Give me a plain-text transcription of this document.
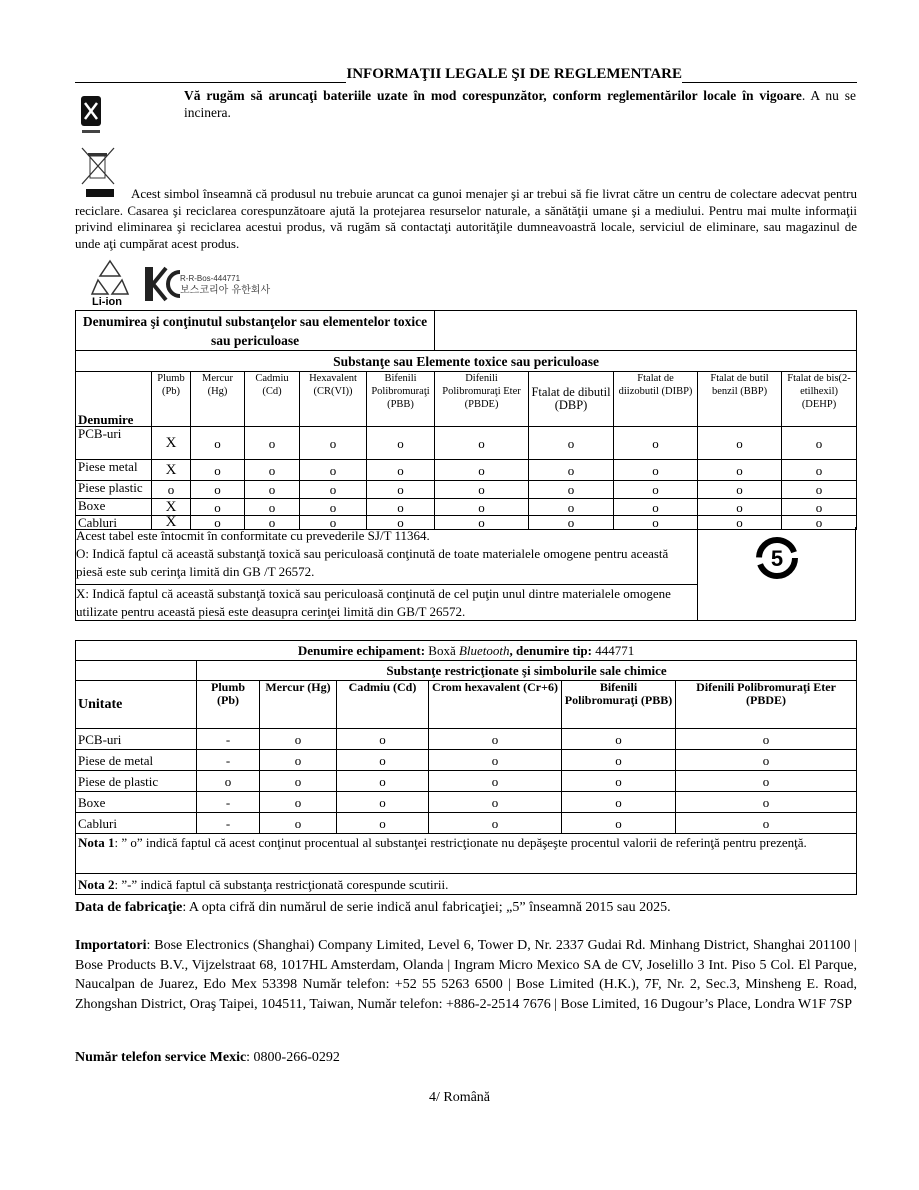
INFORMAŢII LEGALE ŞI DE REGLEMENTARE
Vă rugăm să aruncaţi bateriile uzate în mod corespunzător, conform reglementărilor locale în vigoare. A nu se incinera.
Acest simbol înseamnă că produsul nu trebuie aruncat ca gunoi menajer şi ar trebui să fie livrat către un centru de colectare adecvat pentru reciclare. Casarea şi reciclarea corespunzătoare ajută la protejarea resurselor naturale, a sănătăţii umane şi a mediului. Pentru mai multe informaţii privind eliminarea şi reciclarea acestui produs, vă rugăm să contactaţi autorităţile dumneavoastră locale, serviciul de eliminare, sau magazinul de unde aţi cumpărat acest produs.
Li-ion
R-R-Bos-444771
보스코리아 유한회사
Denumirea şi conţinutul substanţelor sau elementelor toxice sau periculoase										
Substanţe sau Elemente toxice sau periculoase										
Denumire	Plumb (Pb)	Mercur (Hg)	Cadmiu (Cd)	Hexavalent (CR(VI))	Bifenili Polibromuraţi (PBB)	Difenili Polibromuraţi Eter (PBDE)	Ftalat de dibutil (DBP)	Ftalat de diizobutil (DIBP)	Ftalat de butil benzil (BBP)	Ftalat de bis(2-etilhexil) (DEHP)
PCB-uri	X	o	o	o	o	o	o	o	o	o
Piese metal	X	o	o	o	o	o	o	o	o	o
Piese plastic	o	o	o	o	o	o	o	o	o	o
Boxe	X	o	o	o	o	o	o	o	o	o
Cabluri	X	o	o	o	o	o	o	o	o	o
Acest tabel este întocmit în conformitate cu prevederile SJ/T 11364.
O: Indică faptul că această substanţă toxică sau periculoasă conţinută de toate materialele omogene pentru această piesă este sub cerinţa limită din GB /T 26572.
X: Indică faptul că această substanţă toxică sau periculoasă conţinută de cel puţin unul dintre materialele omogene utilizate pentru această piesă este deasupra cerinţei limită din GB/T 26572.
5
Denumire echipament: Boxă Bluetooth, denumire tip: 444771						
	Substanţe restricţionate şi simbolurile sale chimice					
Unitate	Plumb (Pb)	Mercur (Hg)	Cadmiu (Cd)	Crom hexavalent (Cr+6)	Bifenili Polibromuraţi (PBB)	Difenili Polibromuraţi Eter (PBDE)
PCB-uri	-	o	o	o	o	o
Piese de metal	-	o	o	o	o	o
Piese de plastic	o	o	o	o	o	o
Boxe	-	o	o	o	o	o
Cabluri	-	o	o	o	o	o
Nota 1: ” o” indică faptul că acest conţinut procentual al substanţei restricţionate nu depăşeşte procentul valorii de referinţă pentru prezenţă.						
Nota 2: ”-” indică faptul că substanţa restricţionată corespunde scutirii.						
Data de fabricaţie: A opta cifră din numărul de serie indică anul fabricaţiei; „5” înseamnă 2015 sau 2025.
Importatori: Bose Electronics (Shanghai) Company Limited, Level 6, Tower D, Nr. 2337 Gudai Rd. Minhang District, Shanghai 201100 | Bose Products B.V., Vijzelstraat 68, 1017HL Amsterdam, Olanda | Ingram Micro Mexico SA de CV, Joselillo 3 Int. Piso 5 Col. El Parque, Naucalpan de Juarez, Edo Mex 53398 Număr telefon: +52 55 5263 6500 | Bose Limited (H.K.), 7F, Nr. 2, Sec.3, Minsheng E. Road, Zhongshan District, Oraş Taipei, 104511, Taiwan, Număr telefon: +886-2-2514 7676 | Bose Limited, 16 Dugour’s Place, Londra W1F 7SP
Număr telefon service Mexic: 0800-266-0292
4/ Română
